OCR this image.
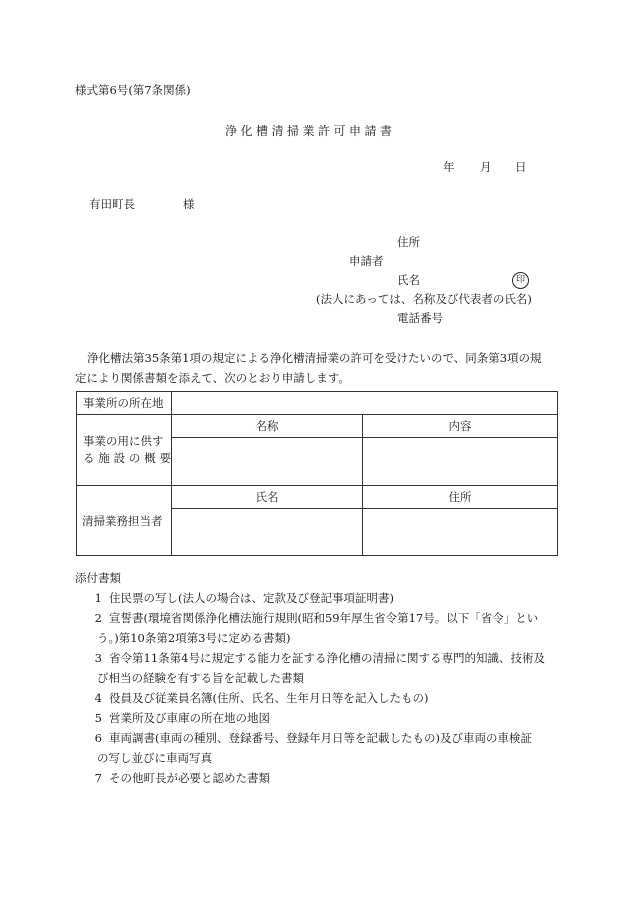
様式第6号(第7条関係)
浄化槽清掃業許可申請書
年 月 日
有田町長	様
住所
申請者
氏名	印
(法人にあっては、名称及び代表者の氏名)
電話番号
浄化槽法第35条第1項の規定による浄化槽清掃業の許可を受けたいので、同条第3項の規
定により関係書類を添えて、次のとおり申請します。
事業所の所在地		

事業の用に供す
る施設の概要	名称	内容

清掃業務担当者	氏名	住所

添付書類
1 住民票の写し(法人の場合は、定款及び登記事項証明書)
2 宣誓書(環境省関係浄化槽法施行規則(昭和59年厚生省令第17号。以下「省令」とい
う。)第10条第2項第3号に定める書類)
3 省令第11条第4号に規定する能力を証する浄化槽の清掃に関する専門的知識、技術及
び相当の経験を有する旨を記載した書類
4 役員及び従業員名簿(住所、氏名、生年月日等を記入したもの)
5 営業所及び車庫の所在地の地図
6 車両調書(車両の種別、登録番号、登録年月日等を記載したもの)及び車両の車検証
の写し並びに車両写真
7 その他町長が必要と認めた書類
